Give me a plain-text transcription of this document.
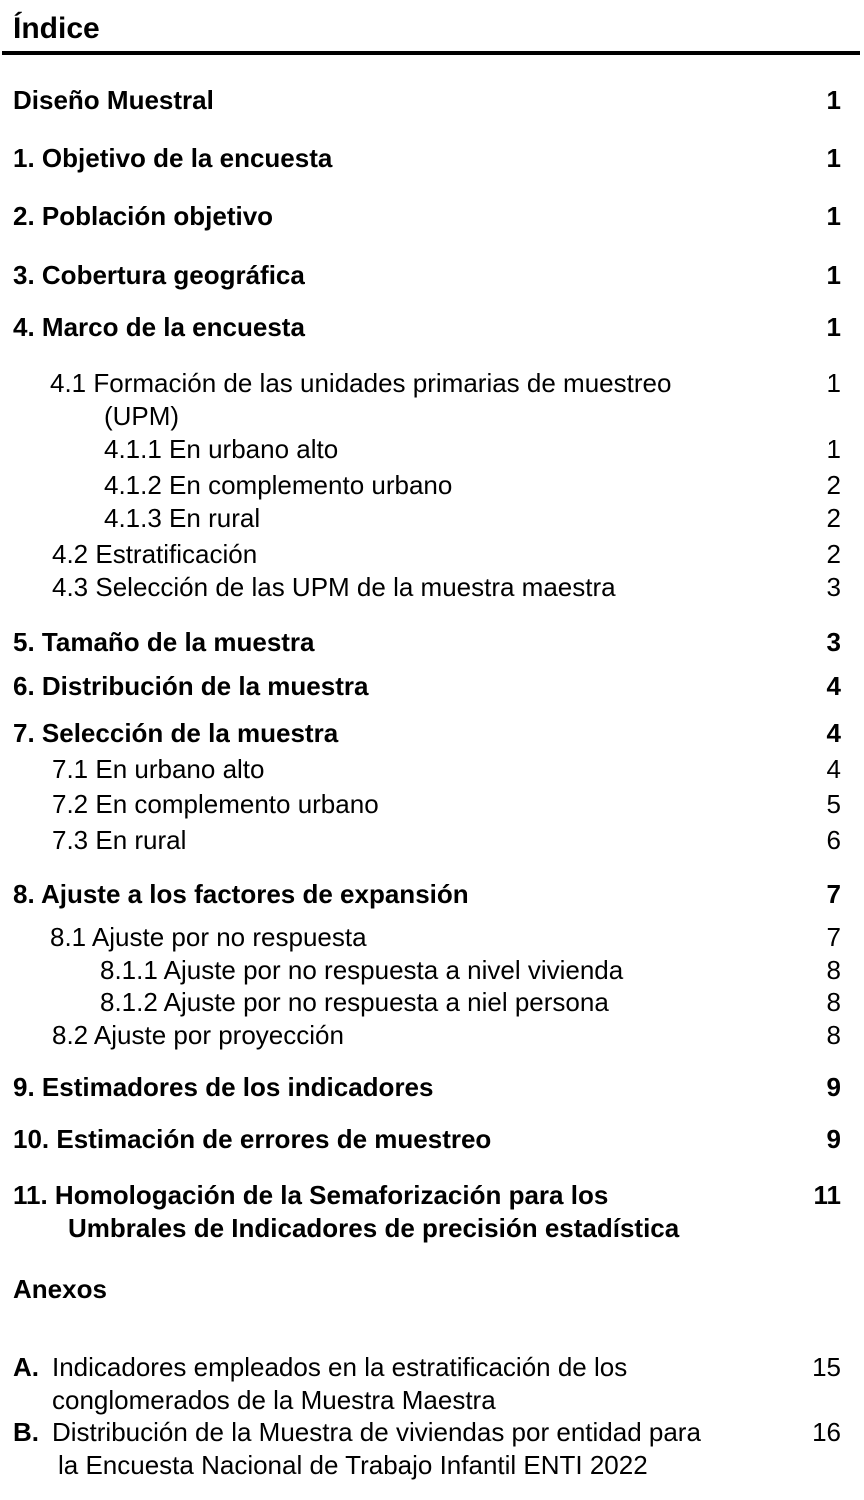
Índice
Diseño Muestral	1
1. Objetivo de la encuesta	1
2. Población objetivo	1
3. Cobertura geográfica	1
4. Marco de la encuesta	1
4.1 Formación de las unidades primarias de muestreo	1
(UPM)
4.1.1 En urbano alto	1
4.1.2 En complemento urbano	2
4.1.3 En rural	2
4.2 Estratificación	2
4.3 Selección de las UPM de la muestra maestra	3
5. Tamaño de la muestra	3
6. Distribución de la muestra	4
7. Selección de la muestra	4
7.1 En urbano alto	4
7.2 En complemento urbano	5
7.3 En rural	6
8. Ajuste a los factores de expansión	7
8.1 Ajuste por no respuesta	7
8.1.1 Ajuste por no respuesta a nivel vivienda	8
8.1.2 Ajuste por no respuesta a niel persona	8
8.2 Ajuste por proyección	8
9. Estimadores de los indicadores	9
10. Estimación de errores de muestreo	9
11. Homologación de la Semaforización para los	11
Umbrales de Indicadores de precisión estadística
Anexos
A. Indicadores empleados en la estratificación de los	15
conglomerados de la Muestra Maestra
B. Distribución de la Muestra de viviendas por entidad para	16
la Encuesta Nacional de Trabajo Infantil ENTI 2022
